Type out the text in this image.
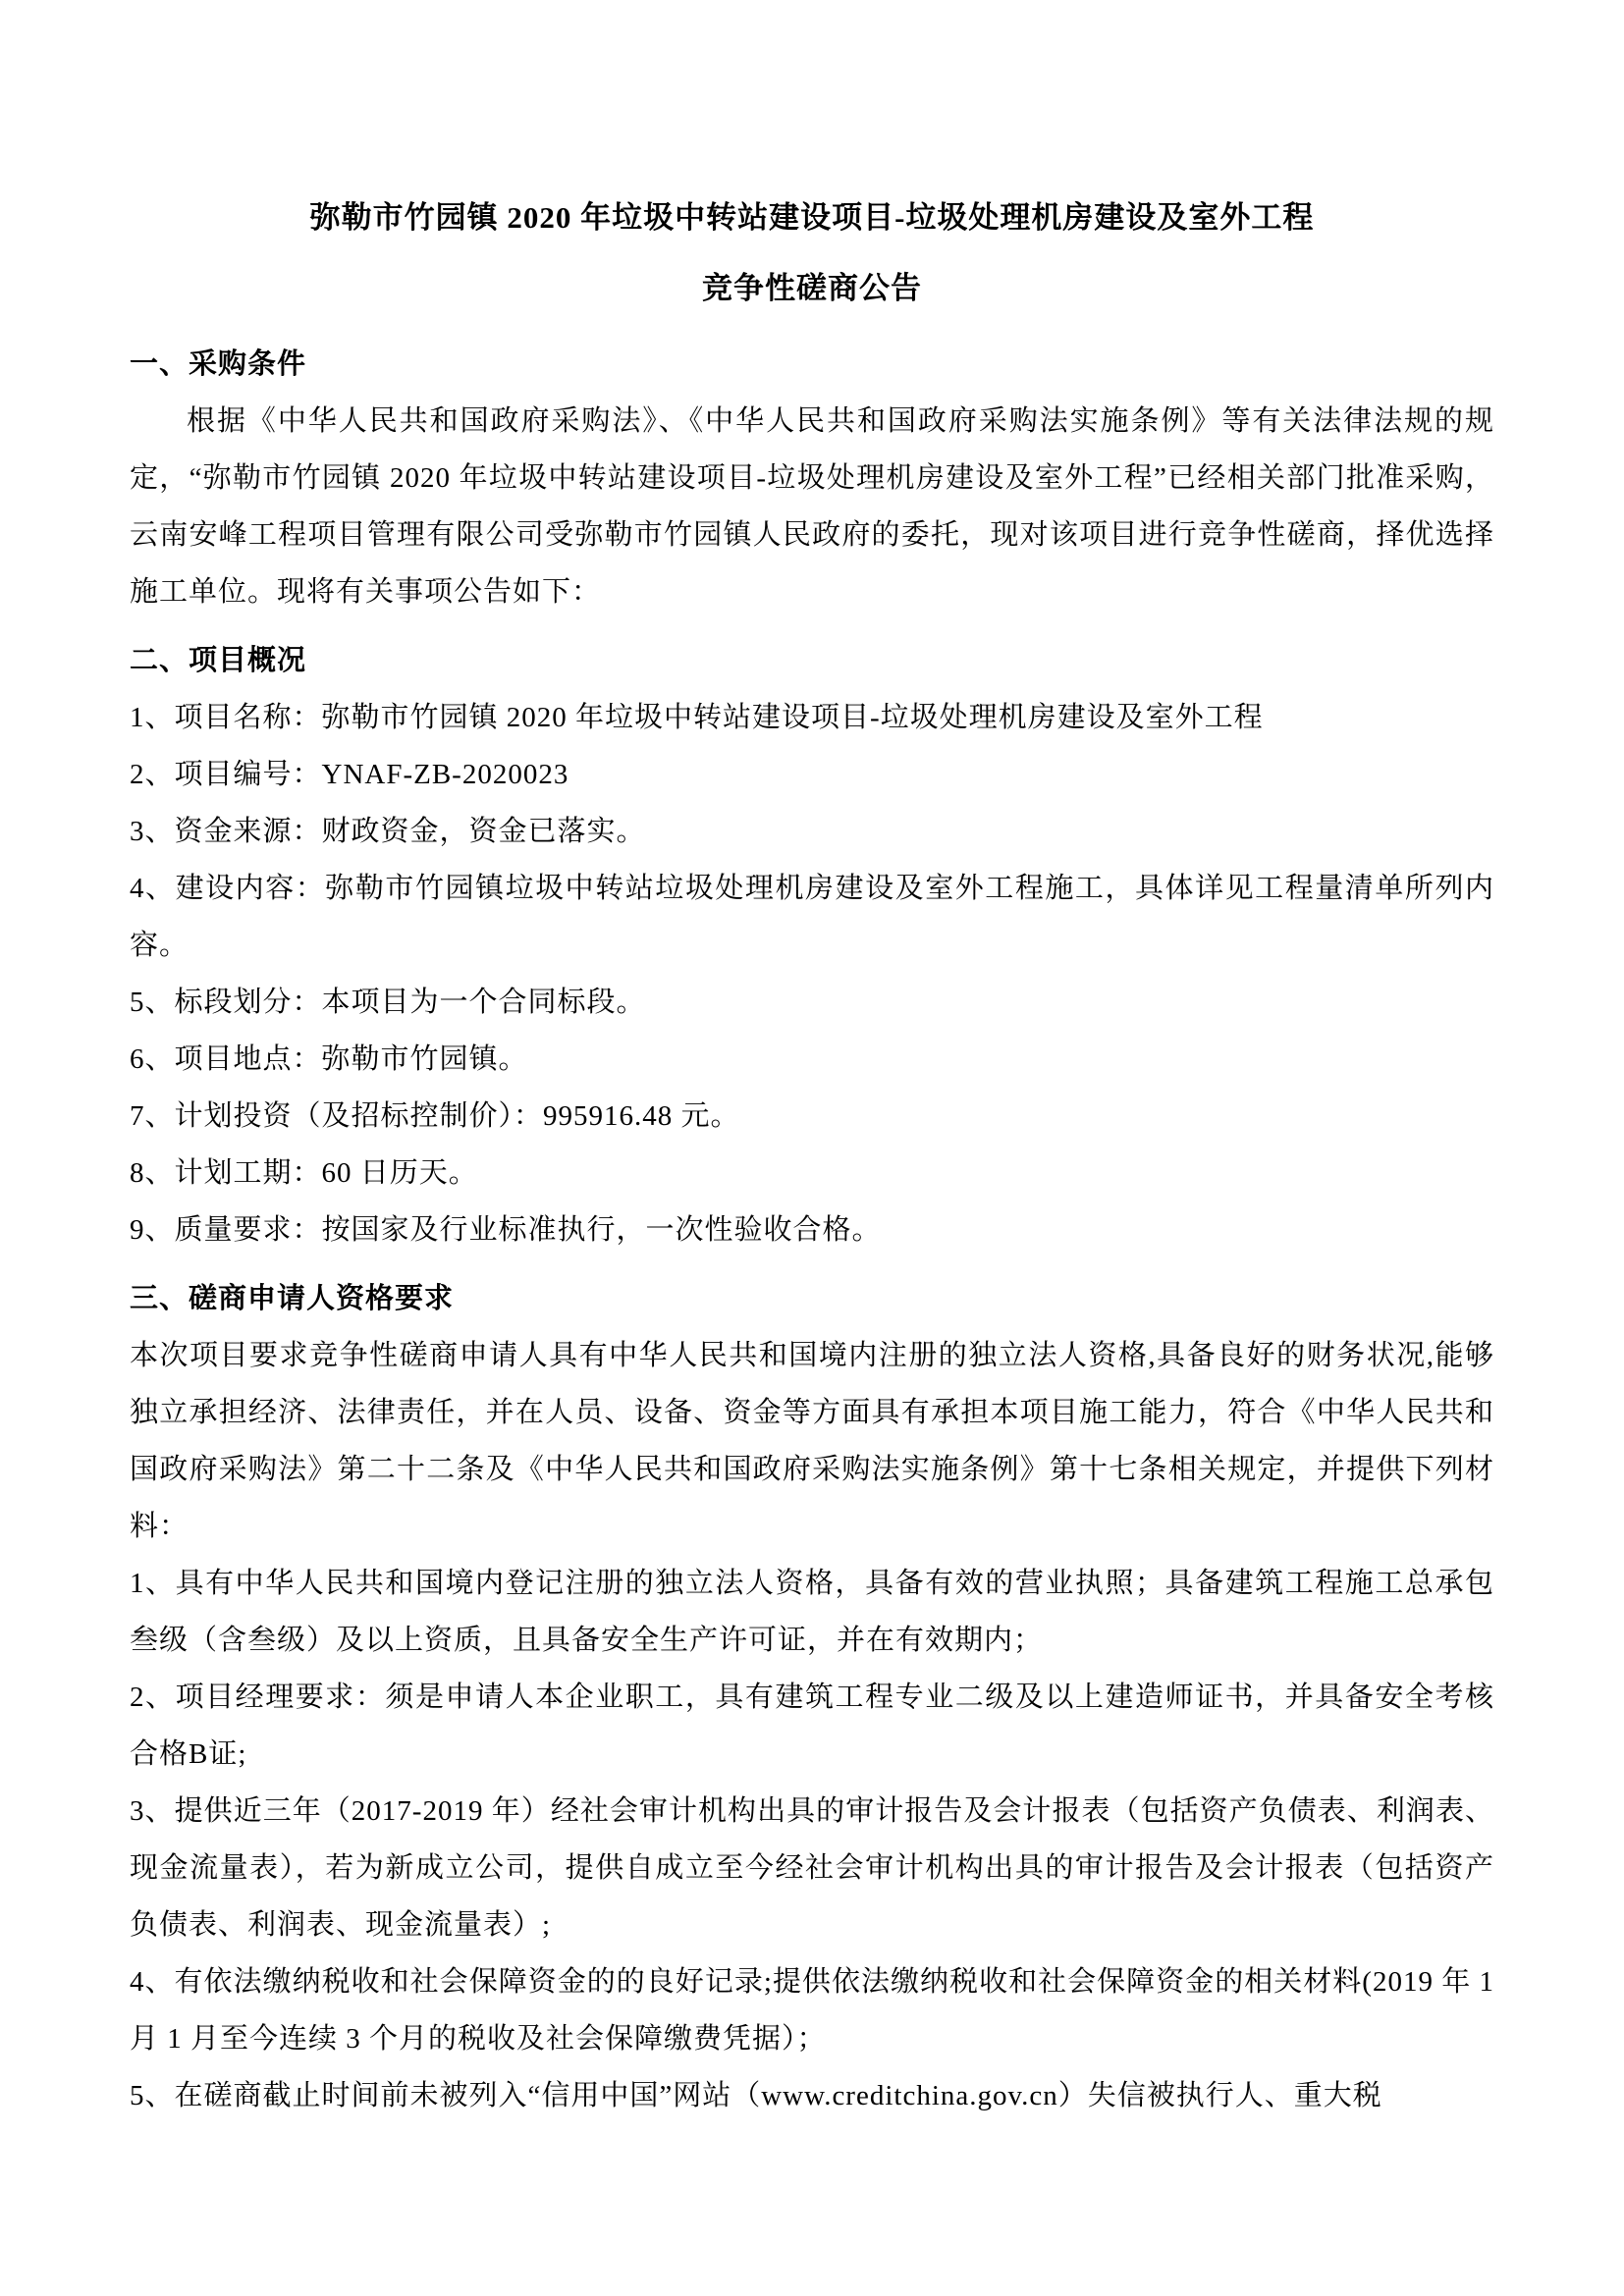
弥勒市竹园镇 2020 年垃圾中转站建设项目-垃圾处理机房建设及室外工程
竞争性磋商公告
一、采购条件

根据《中华人民共和国政府采购法》、《中华人民共和国政府采购法实施条例》等有关法律法规的规定，“弥勒市竹园镇 2020 年垃圾中转站建设项目-垃圾处理机房建设及室外工程”已经相关部门批准采购，云南安峰工程项目管理有限公司受弥勒市竹园镇人民政府的委托，现对该项目进行竞争性磋商，择优选择施工单位。现将有关事项公告如下：

二、项目概况

1、项目名称：弥勒市竹园镇 2020 年垃圾中转站建设项目-垃圾处理机房建设及室外工程

2、项目编号：YNAF-ZB-2020023

3、资金来源：财政资金，资金已落实。

4、建设内容：弥勒市竹园镇垃圾中转站垃圾处理机房建设及室外工程施工，具体详见工程量清单所列内容。

5、标段划分：本项目为一个合同标段。

6、项目地点：弥勒市竹园镇。

7、计划投资（及招标控制价）：995916.48 元。

8、计划工期：60 日历天。

9、质量要求：按国家及行业标准执行，一次性验收合格。

三、磋商申请人资格要求

本次项目要求竞争性磋商申请人具有中华人民共和国境内注册的独立法人资格,具备良好的财务状况,能够独立承担经济、法律责任，并在人员、设备、资金等方面具有承担本项目施工能力，符合《中华人民共和国政府采购法》第二十二条及《中华人民共和国政府采购法实施条例》第十七条相关规定，并提供下列材料：

1、具有中华人民共和国境内登记注册的独立法人资格，具备有效的营业执照；具备建筑工程施工总承包叁级（含叁级）及以上资质，且具备安全生产许可证，并在有效期内；

2、项目经理要求：须是申请人本企业职工，具有建筑工程专业二级及以上建造师证书，并具备安全考核合格B证;

3、提供近三年（2017-2019 年）经社会审计机构出具的审计报告及会计报表（包括资产负债表、利润表、现金流量表），若为新成立公司，提供自成立至今经社会审计机构出具的审计报告及会计报表（包括资产负债表、利润表、现金流量表）;

4、有依法缴纳税收和社会保障资金的的良好记录;提供依法缴纳税收和社会保障资金的相关材料(2019 年 1 月 1 月至今连续 3 个月的税收及社会保障缴费凭据）；

5、在磋商截止时间前未被列入“信用中国”网站（www.creditchina.gov.cn）失信被执行人、重大税
